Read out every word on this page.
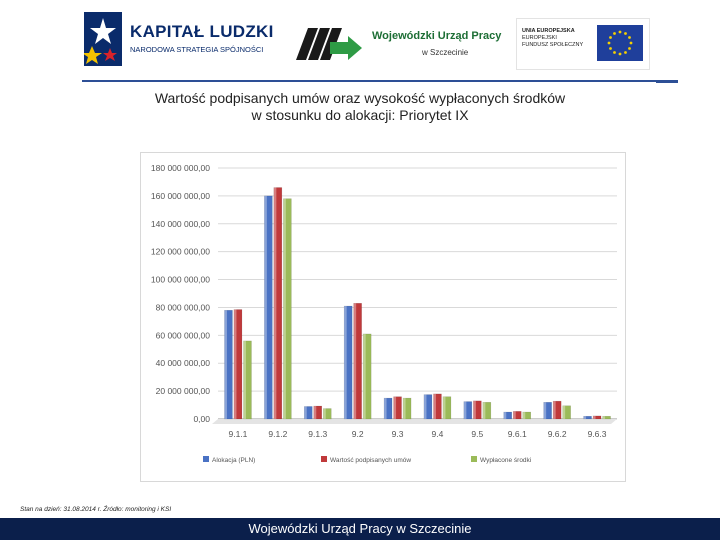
KAPITAŁ LUDZKI
NARODOWA STRATEGIA SPÓJNOŚCI
Wojewódzki Urząd Pracy
w Szczecinie
UNIA EUROPEJSKA
EUROPEJSKI
FUNDUSZ SPOŁECZNY
Wartość podpisanych umów oraz wysokość wypłaconych środków
w stosunku do alokacji: Priorytet IX
0,00
20 000 000,00
40 000 000,00
60 000 000,00
80 000 000,00
100 000 000,00
120 000 000,00
140 000 000,00
160 000 000,00
180 000 000,00
9.1.1 9.1.2 9.1.3	9.2	9.3	9.4	9.5	9.6.1 9.6.2 9.6.3
Alokacja (PLN)	Wartość podpisanych umów	Wypłacone środki
Stan na dzień: 31.08.2014 r. Źródło: monitoring i KSI
Wojewódzki Urząd Pracy w Szczecinie
